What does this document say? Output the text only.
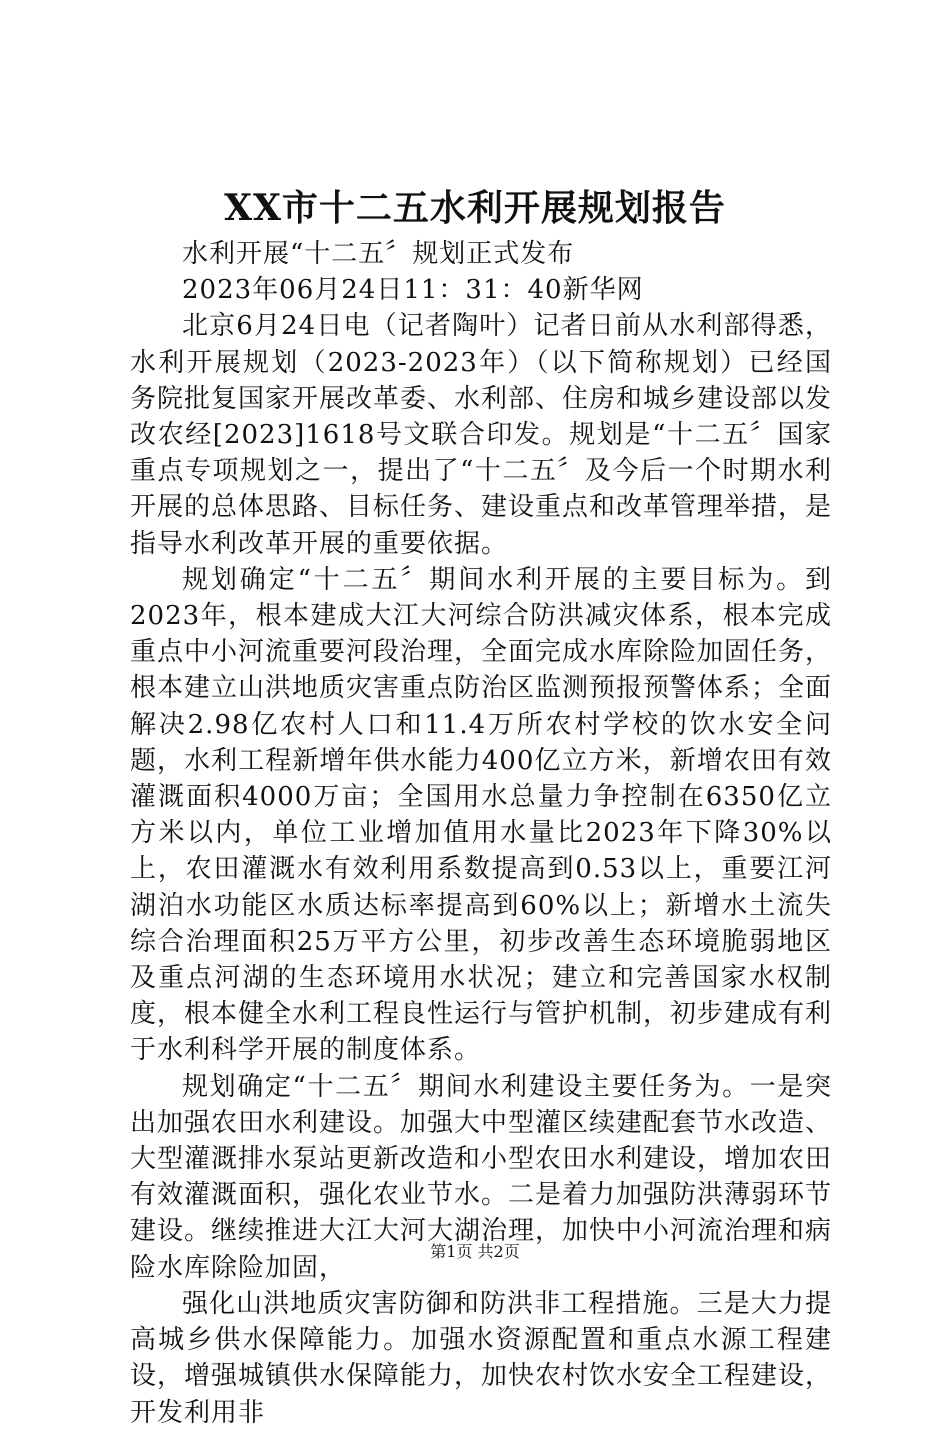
XX市十二五水利开展规划报告

水利开展“十二五〞规划正式发布

2023年06月24日11：31：40新华网

北京6月24日电（记者陶叶）记者日前从水利部得悉，水利开展规划（2023-2023年）（以下简称规划）已经国务院批复国家开展改革委、水利部、住房和城乡建设部以发改农经[2023]1618号文联合印发。规划是“十二五〞国家重点专项规划之一，提出了“十二五〞及今后一个时期水利开展的总体思路、目标任务、建设重点和改革管理举措，是指导水利改革开展的重要依据。

规划确定“十二五〞期间水利开展的主要目标为。到2023年，根本建成大江大河综合防洪减灾体系，根本完成重点中小河流重要河段治理，全面完成水库除险加固任务，根本建立山洪地质灾害重点防治区监测预报预警体系；全面解决2.98亿农村人口和11.4万所农村学校的饮水安全问题，水利工程新增年供水能力400亿立方米，新增农田有效灌溉面积4000万亩；全国用水总量力争控制在6350亿立方米以内，单位工业增加值用水量比2023年下降30%以上，农田灌溉水有效利用系数提高到0.53以上，重要江河湖泊水功能区水质达标率提高到60%以上；新增水土流失综合治理面积25万平方公里，初步改善生态环境脆弱地区及重点河湖的生态环境用水状况；建立和完善国家水权制度，根本健全水利工程良性运行与管护机制，初步建成有利于水利科学开展的制度体系。

规划确定“十二五〞期间水利建设主要任务为。一是突出加强农田水利建设。加强大中型灌区续建配套节水改造、大型灌溉排水泵站更新改造和小型农田水利建设，增加农田有效灌溉面积，强化农业节水。二是着力加强防洪薄弱环节建设。继续推进大江大河大湖治理，加快中小河流治理和病险水库除险加固，

强化山洪地质灾害防御和防洪非工程措施。三是大力提高城乡供水保障能力。加强水资源配置和重点水源工程建设，增强城镇供水保障能力，加快农村饮水安全工程建设，开发利用非

第1页 共2页
